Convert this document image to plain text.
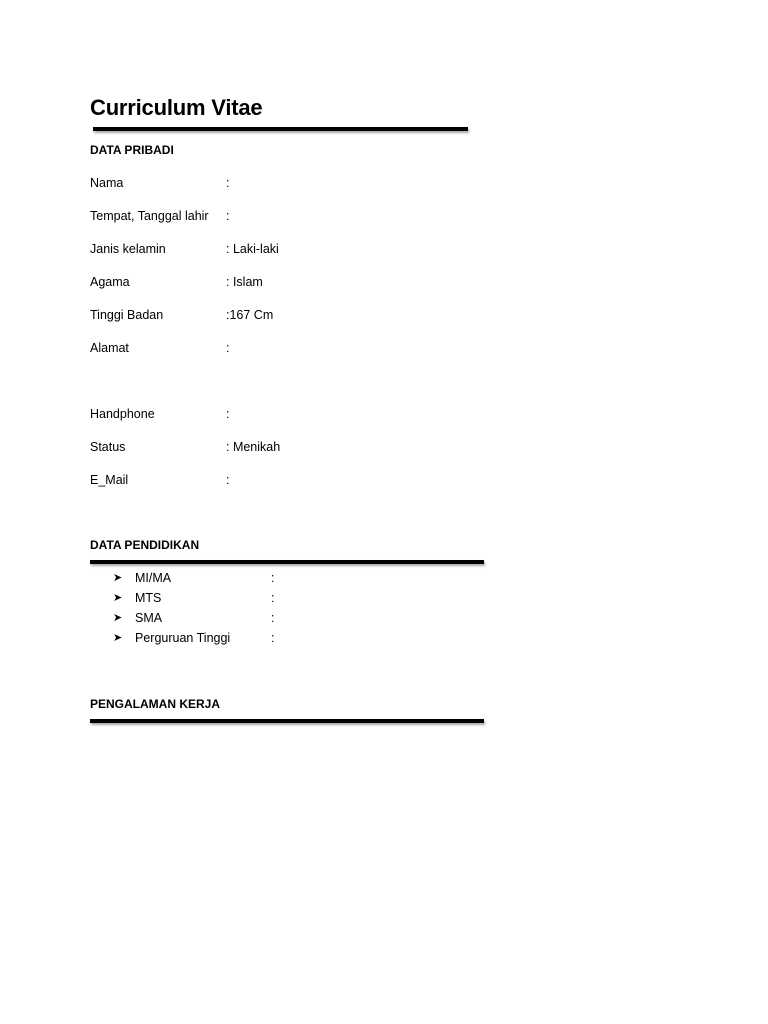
Curriculum Vitae
DATA PRIBADI
Nama	:
Tempat, Tanggal lahir :
Janis kelamin	: Laki-laki
Agama	: Islam
Tinggi Badan	:167 Cm
Alamat	:
Handphone	:
Status	: Menikah
E_Mail	:
DATA PENDIDIKAN
➤ MI/MA	:
➤ MTS	:
➤ SMA	:
➤ Perguruan Tinggi	:
PENGALAMAN KERJA
